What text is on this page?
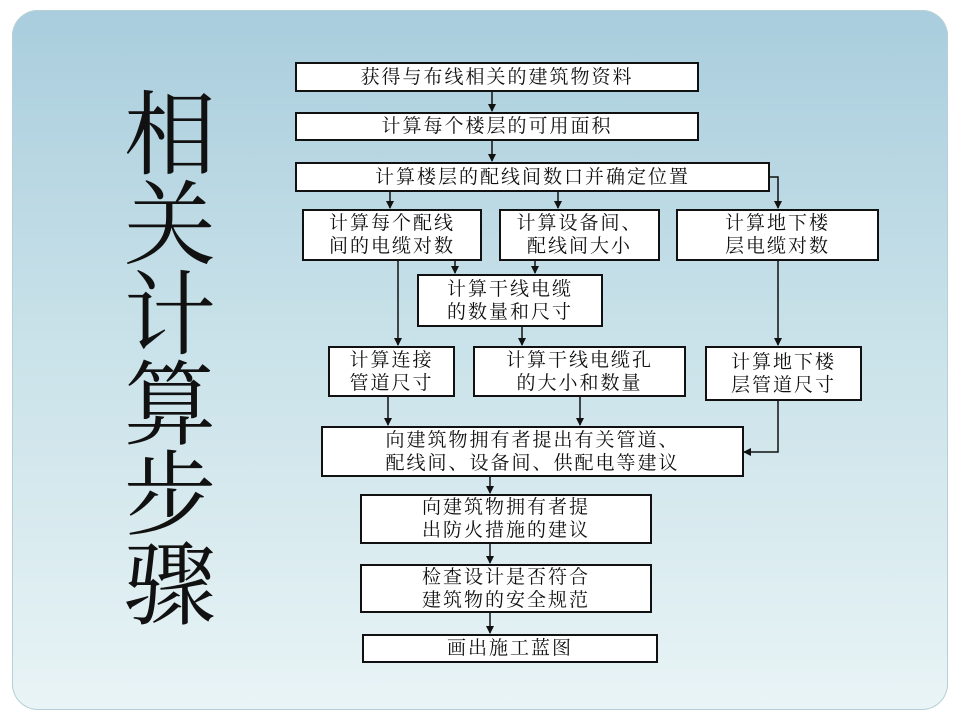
相
关
计
算
步
骤
获得与布线相关的建筑物资料
计算每个楼层的可用面积
计算楼层的配线间数口并确定位置
计算每个配线
间的电缆对数
计算设备间、
配线间大小
计算地下楼
层电缆对数
计算干线电缆
的数量和尺寸
计算连接
管道尺寸
计算干线电缆孔
的大小和数量
计算地下楼
层管道尺寸
向建筑物拥有者提出有关管道、
配线间、设备间、供配电等建议
向建筑物拥有者提
出防火措施的建议
检查设计是否符合
建筑物的安全规范
画出施工蓝图
